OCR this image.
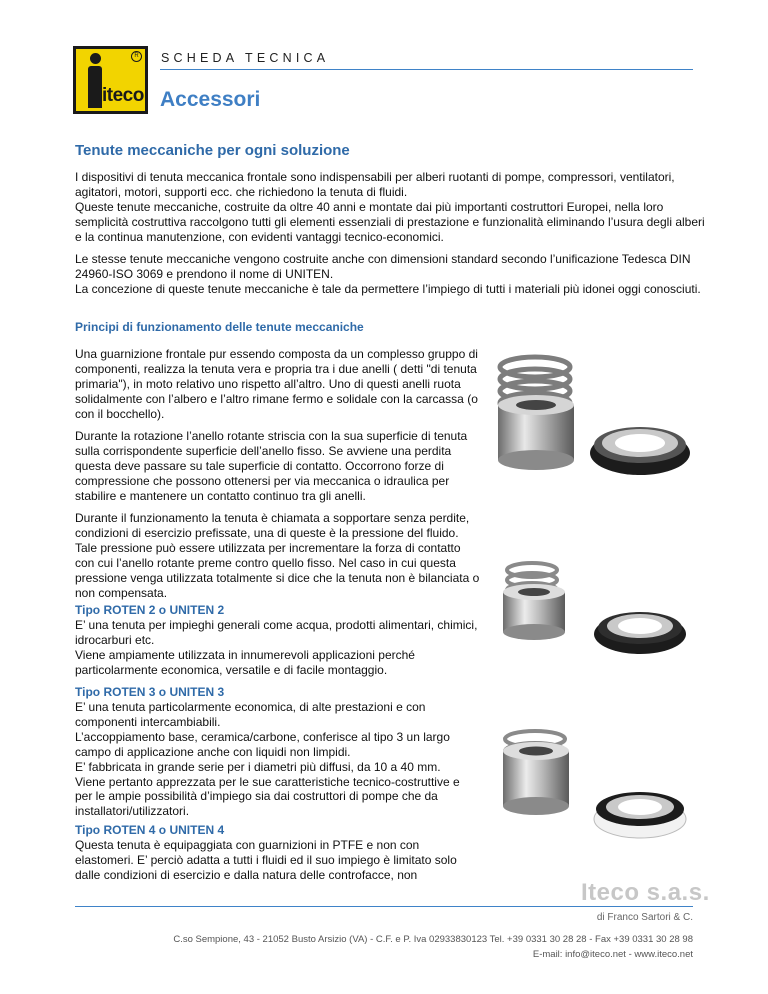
iteco
R SCHEDA TECNICA
Accessori
Tenute meccaniche per ogni soluzione

I dispositivi di tenuta meccanica frontale sono indispensabili per alberi ruotanti di pompe, compressori, ventilatori, agitatori, motori, supporti ecc. che richiedono la tenuta di fluidi.

Queste tenute meccaniche, costruite da oltre 40 anni e montate dai più importanti costruttori Europei, nella loro semplicità costruttiva raccolgono tutti gli elementi essenziali di prestazione e funzionalità eliminando l’usura degli alberi e la continua manutenzione, con evidenti vantaggi tecnico-economici.

Le stesse tenute meccaniche vengono costruite anche con dimensioni standard secondo l’unificazione Tedesca DIN 24960-ISO 3069 e prendono il nome di UNITEN.

La concezione di queste tenute meccaniche è tale da permettere l’impiego di tutti i materiali più idonei oggi conosciuti.

Principi di funzionamento delle tenute meccaniche
Una guarnizione frontale pur essendo composta da un complesso gruppo di componenti, realizza la tenuta vera e propria tra i due anelli ( detti "di tenuta primaria"), in moto relativo uno rispetto all’altro. Uno di questi anelli ruota solidalmente con l’albero e l’altro rimane fermo e solidale con la carcassa (o con il bocchello).
Durante la rotazione l’anello rotante striscia con la sua superficie di tenuta sulla corrispondente superficie dell’anello fisso. Se avviene una perdita questa deve passare su tale superficie di contatto. Occorrono forze di compressione che possono ottenersi per via meccanica o idraulica per stabilire e mantenere un contatto continuo tra gli anelli.
Durante il funzionamento la tenuta è chiamata a sopportare senza perdite, condizioni di esercizio prefissate, una di queste è la pressione del fluido. Tale pressione può essere utilizzata per incrementare la forza di contatto con cui l’anello rotante preme contro quello fisso. Nel caso in cui questa pressione venga utilizzata totalmente si dice che la tenuta non è bilanciata o non compensata.
Tipo ROTEN 2 o UNITEN 2

E’ una tenuta per impieghi generali come acqua, prodotti alimentari, chimici, idrocarburi etc.

Viene ampiamente utilizzata in innumerevoli applicazioni perché particolarmente economica, versatile e di facile montaggio.

Tipo ROTEN 3 o UNITEN 3

E’ una tenuta particolarmente economica, di alte prestazioni e con componenti intercambiabili.

L’accoppiamento base, ceramica/carbone, conferisce al tipo 3 un largo campo di applicazione anche con liquidi non limpidi.

E’ fabbricata in grande serie per i diametri più diffusi, da 10 a 40 mm.

Viene pertanto apprezzata per le sue caratteristiche tecnico-costruttive e per le ampie possibilità d’impiego sia dai costruttori di pompe che da installatori/utilizzatori.

Tipo ROTEN 4 o UNITEN 4

Questa tenuta è equipaggiata con guarnizioni in PTFE e non con elastomeri. E’ perciò adatta a tutti i fluidi ed il suo impiego è limitato solo dalle condizioni di esercizio e dalla natura delle controfacce, non

Iteco s.a.s.
di Franco Sartori & C.
C.so Sempione, 43 - 21052 Busto Arsizio (VA) - C.F. e P. Iva 02933830123 Tel. +39 0331 30 28 28 - Fax +39 0331 30 28 98
E-mail: info@iteco.net - www.iteco.net
